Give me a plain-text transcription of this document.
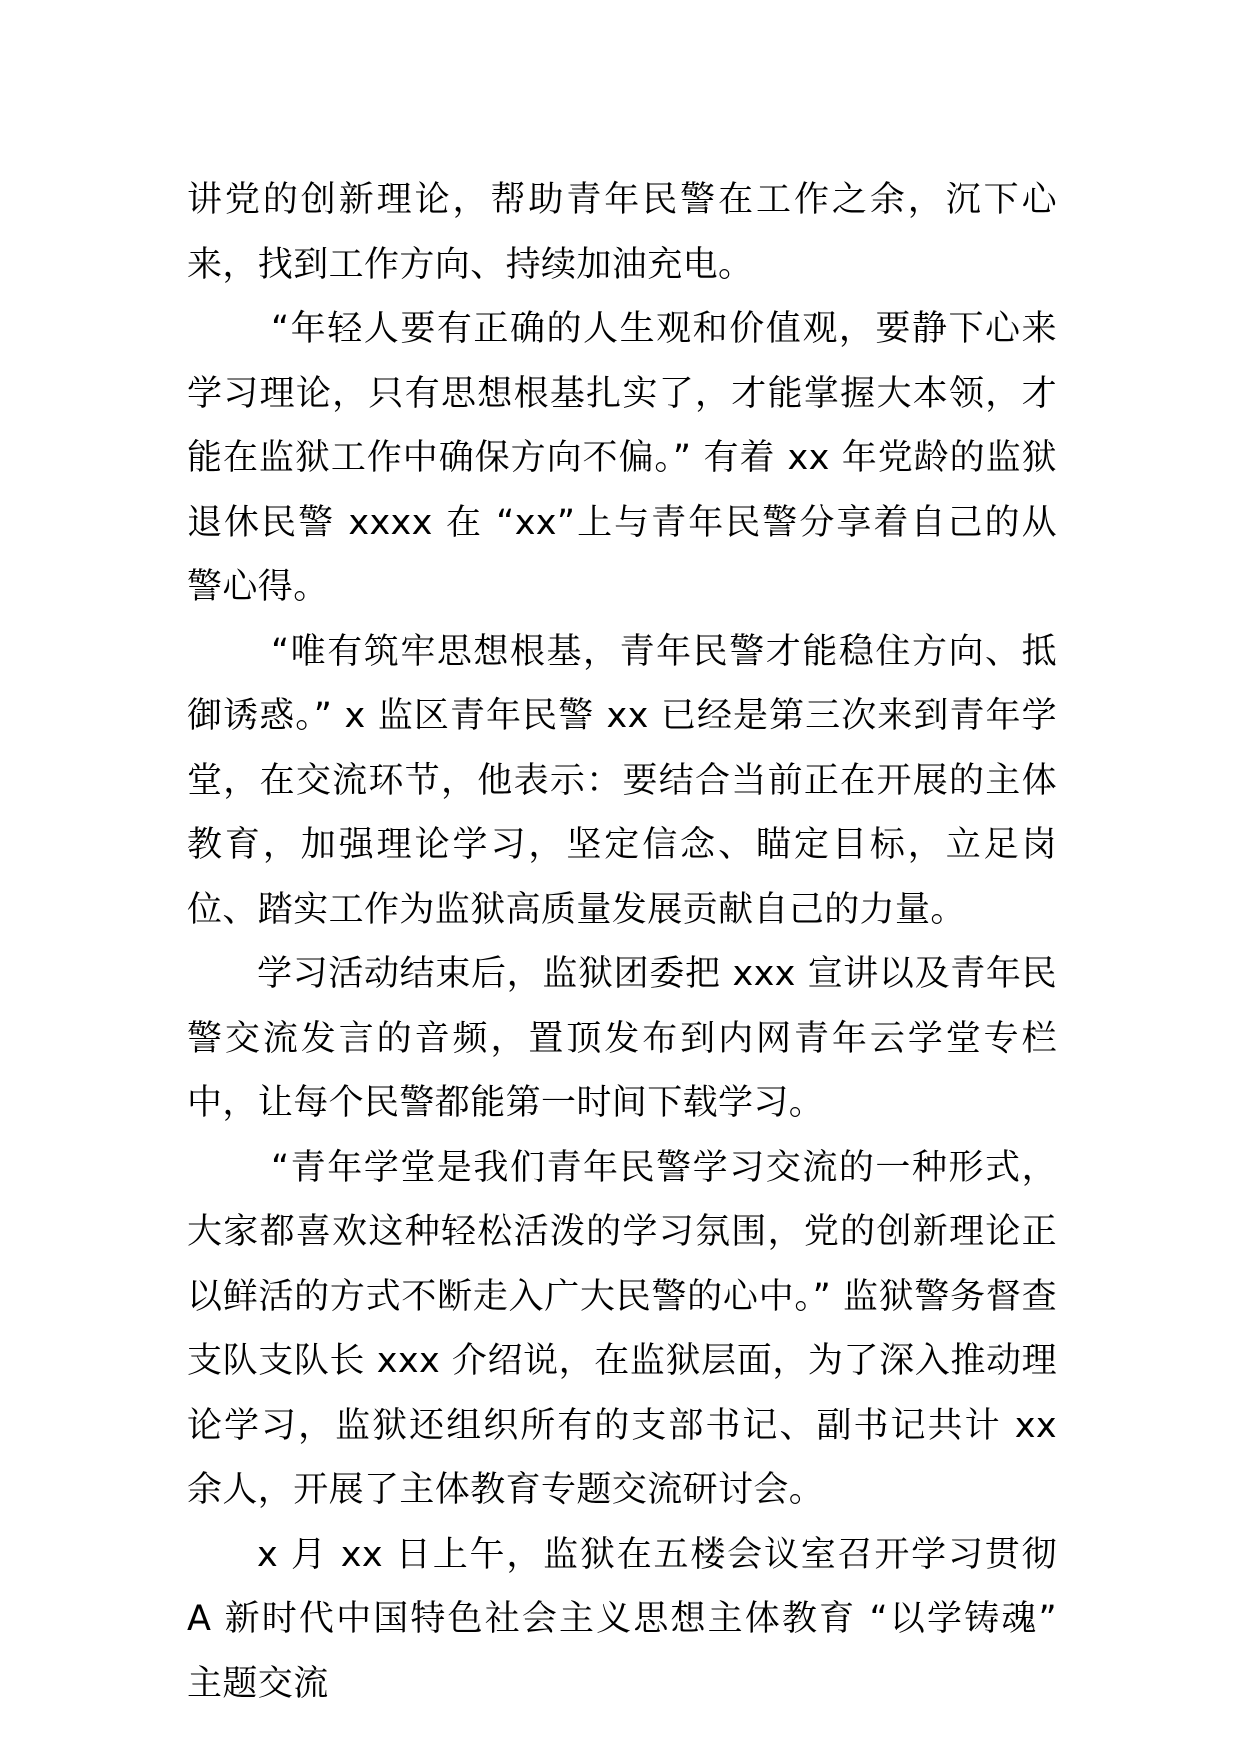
讲党的创新理论，帮助青年民警在工作之余，沉下心来，找到工作方向、持续加油充电。

“年轻人要有正确的人生观和价值观，要静下心来学习理论，只有思想根基扎实了，才能掌握大本领，才能在监狱工作中确保方向不偏。” 有着 xx 年党龄的监狱退休民警 xxxx 在 “xx”上与青年民警分享着自己的从警心得。

“唯有筑牢思想根基，青年民警才能稳住方向、抵御诱惑。” x 监区青年民警 xx 已经是第三次来到青年学堂，在交流环节，他表示：要结合当前正在开展的主体教育，加强理论学习，坚定信念、瞄定目标，立足岗位、踏实工作为监狱高质量发展贡献自己的力量。

学习活动结束后，监狱团委把 xxx 宣讲以及青年民警交流发言的音频，置顶发布到内网青年云学堂专栏中，让每个民警都能第一时间下载学习。

“青年学堂是我们青年民警学习交流的一种形式，大家都喜欢这种轻松活泼的学习氛围，党的创新理论正以鲜活的方式不断走入广大民警的心中。” 监狱警务督查支队支队长 xxx 介绍说，在监狱层面，为了深入推动理论学习，监狱还组织所有的支部书记、副书记共计 xx 余人，开展了主体教育专题交流研讨会。

x 月 xx 日上午，监狱在五楼会议室召开学习贯彻 A 新时代中国特色社会主义思想主体教育 “以学铸魂” 主题交流
